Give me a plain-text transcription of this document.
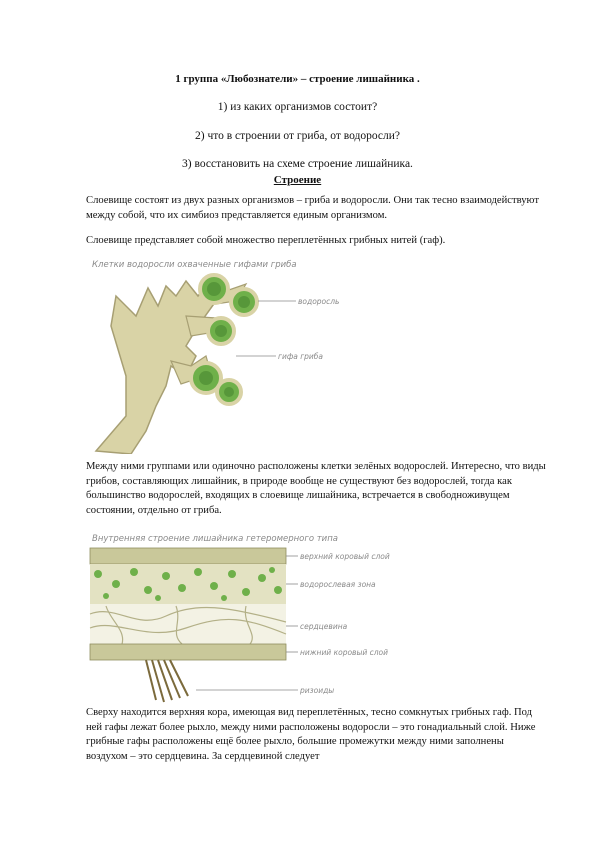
1 группа «Любознатели» – строение лишайника .
1) из каких организмов состоит?
2) что в строении от гриба, от водоросли?
3) восстановить на схеме строение лишайника.
Строение
Слоевище состоят из двух разных организмов – гриба и водоросли. Они так тесно взаимодействуют между собой, что их симбиоз представляется единым организмом.
Слоевище представляет собой множество переплетённых грибных нитей (гаф).
Клетки водоросли охваченные гифами гриба
водоросль
гифа гриба
Между ними группами или одиночно расположены клетки зелёных водорослей. Интересно, что виды грибов, составляющих лишайник, в природе вообще не существуют без водорослей, тогда как большинство водорослей, входящих в слоевище лишайника, встречается в свободноживущем состоянии, отдельно от гриба.
Внутренняя строение лишайника гетеромерного типа
верхний коровый слой
водорослевая зона
сердцевина
нижний коровый слой
ризоиды
Сверху находится верхняя кора, имеющая вид переплетённых, тесно сомкнутых грибных гаф. Под ней гафы лежат более рыхло, между ними расположены водоросли – это гонадиальный слой. Ниже грибные гафы расположены ещё более рыхло, большие промежутки между ними заполнены воздухом – это сердцевина. За сердцевиной следует
